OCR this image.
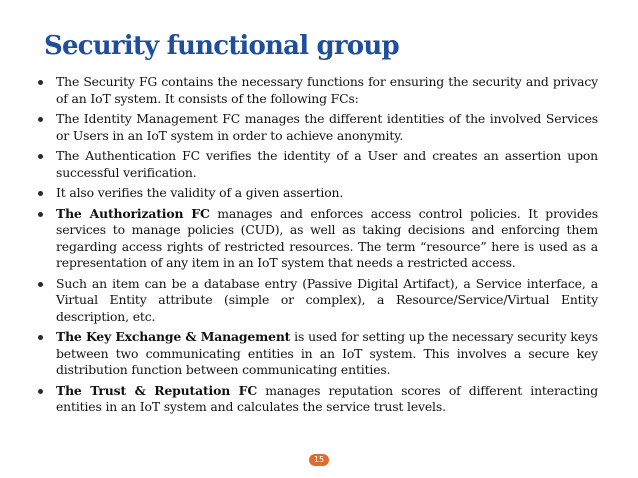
Security functional group
The Security FG contains the necessary functions for ensuring the security and privacy of an IoT system. It consists of the following FCs:
The Identity Management FC manages the different identities of the involved Services or Users in an IoT system in order to achieve anonymity.
The Authentication FC verifies the identity of a User and creates an assertion upon successful verification.
It also verifies the validity of a given assertion.
The Authorization FC manages and enforces access control policies. It provides services to manage policies (CUD), as well as taking decisions and enforcing them regarding access rights of restricted resources. The term “resource” here is used as a representation of any item in an IoT system that needs a restricted access.
Such an item can be a database entry (Passive Digital Artifact), a Service interface, a Virtual Entity attribute (simple or complex), a Resource/Service/Virtual Entity description, etc.
The Key Exchange & Management is used for setting up the necessary security keys between two communicating entities in an IoT system. This involves a secure key distribution function between communicating entities.
The Trust & Reputation FC manages reputation scores of different interacting entities in an IoT system and calculates the service trust levels.
15
